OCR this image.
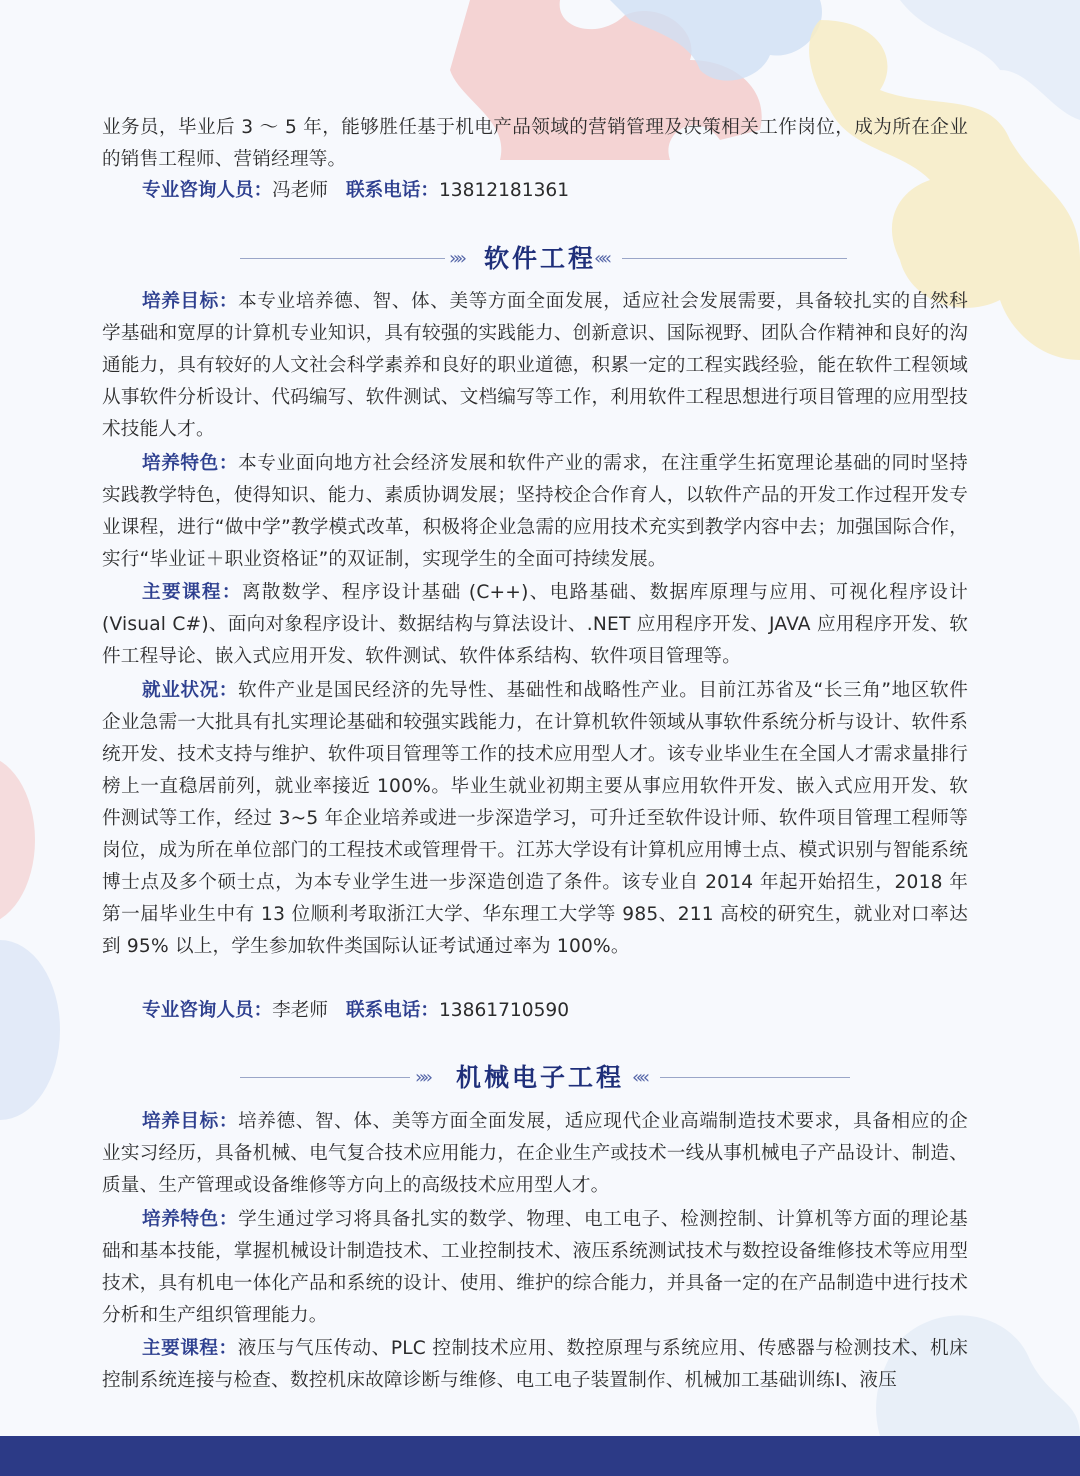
业务员，毕业后 3 ～ 5 年，能够胜任基于机电产品领域的营销管理及决策相关工作岗位，成为所在企业的销售工程师、营销经理等。

专业咨询人员：冯老师 联系电话：13812181361
»» 软件工程
««

培养目标：本专业培养德、智、体、美等方面全面发展，适应社会发展需要，具备较扎实的自然科学基础和宽厚的计算机专业知识，具有较强的实践能力、创新意识、国际视野、团队合作精神和良好的沟通能力，具有较好的人文社会科学素养和良好的职业道德，积累一定的工程实践经验，能在软件工程领域从事软件分析设计、代码编写、软件测试、文档编写等工作，利用软件工程思想进行项目管理的应用型技术技能人才。

培养特色：本专业面向地方社会经济发展和软件产业的需求，在注重学生拓宽理论基础的同时坚持实践教学特色，使得知识、能力、素质协调发展；坚持校企合作育人，以软件产品的开发工作过程开发专业课程，进行“做中学”教学模式改革，积极将企业急需的应用技术充实到教学内容中去；加强国际合作，实行“毕业证＋职业资格证”的双证制，实现学生的全面可持续发展。

主要课程：离散数学、程序设计基础 (C++)、电路基础、数据库原理与应用、可视化程序设计 (Visual C#)、面向对象程序设计、数据结构与算法设计、.NET 应用程序开发、JAVA 应用程序开发、软件工程导论、嵌入式应用开发、软件测试、软件体系结构、软件项目管理等。

就业状况：软件产业是国民经济的先导性、基础性和战略性产业。目前江苏省及“长三角”地区软件企业急需一大批具有扎实理论基础和较强实践能力，在计算机软件领域从事软件系统分析与设计、软件系统开发、技术支持与维护、软件项目管理等工作的技术应用型人才。该专业毕业生在全国人才需求量排行榜上一直稳居前列，就业率接近 100%。毕业生就业初期主要从事应用软件开发、嵌入式应用开发、软件测试等工作，经过 3~5 年企业培养或进一步深造学习，可升迁至软件设计师、软件项目管理工程师等岗位，成为所在单位部门的工程技术或管理骨干。江苏大学设有计算机应用博士点、模式识别与智能系统博士点及多个硕士点，为本专业学生进一步深造创造了条件。该专业自 2014 年起开始招生，2018 年第一届毕业生中有 13 位顺利考取浙江大学、华东理工大学等 985、211 高校的研究生，就业对口率达到 95% 以上，学生参加软件类国际认证考试通过率为 100%。

专业咨询人员：李老师 联系电话：13861710590
»»	机械电子工程 ««

培养目标：培养德、智、体、美等方面全面发展，适应现代企业高端制造技术要求，具备相应的企业实习经历，具备机械、电气复合技术应用能力，在企业生产或技术一线从事机械电子产品设计、制造、质量、生产管理或设备维修等方向上的高级技术应用型人才。

培养特色：学生通过学习将具备扎实的数学、物理、电工电子、检测控制、计算机等方面的理论基础和基本技能，掌握机械设计制造技术、工业控制技术、液压系统测试技术与数控设备维修技术等应用型技术，具有机电一体化产品和系统的设计、使用、维护的综合能力，并具备一定的在产品制造中进行技术分析和生产组织管理能力。

主要课程：液压与气压传动、PLC 控制技术应用、数控原理与系统应用、传感器与检测技术、机床控制系统连接与检查、数控机床故障诊断与维修、电工电子装置制作、机械加工基础训练Ⅰ、液压
